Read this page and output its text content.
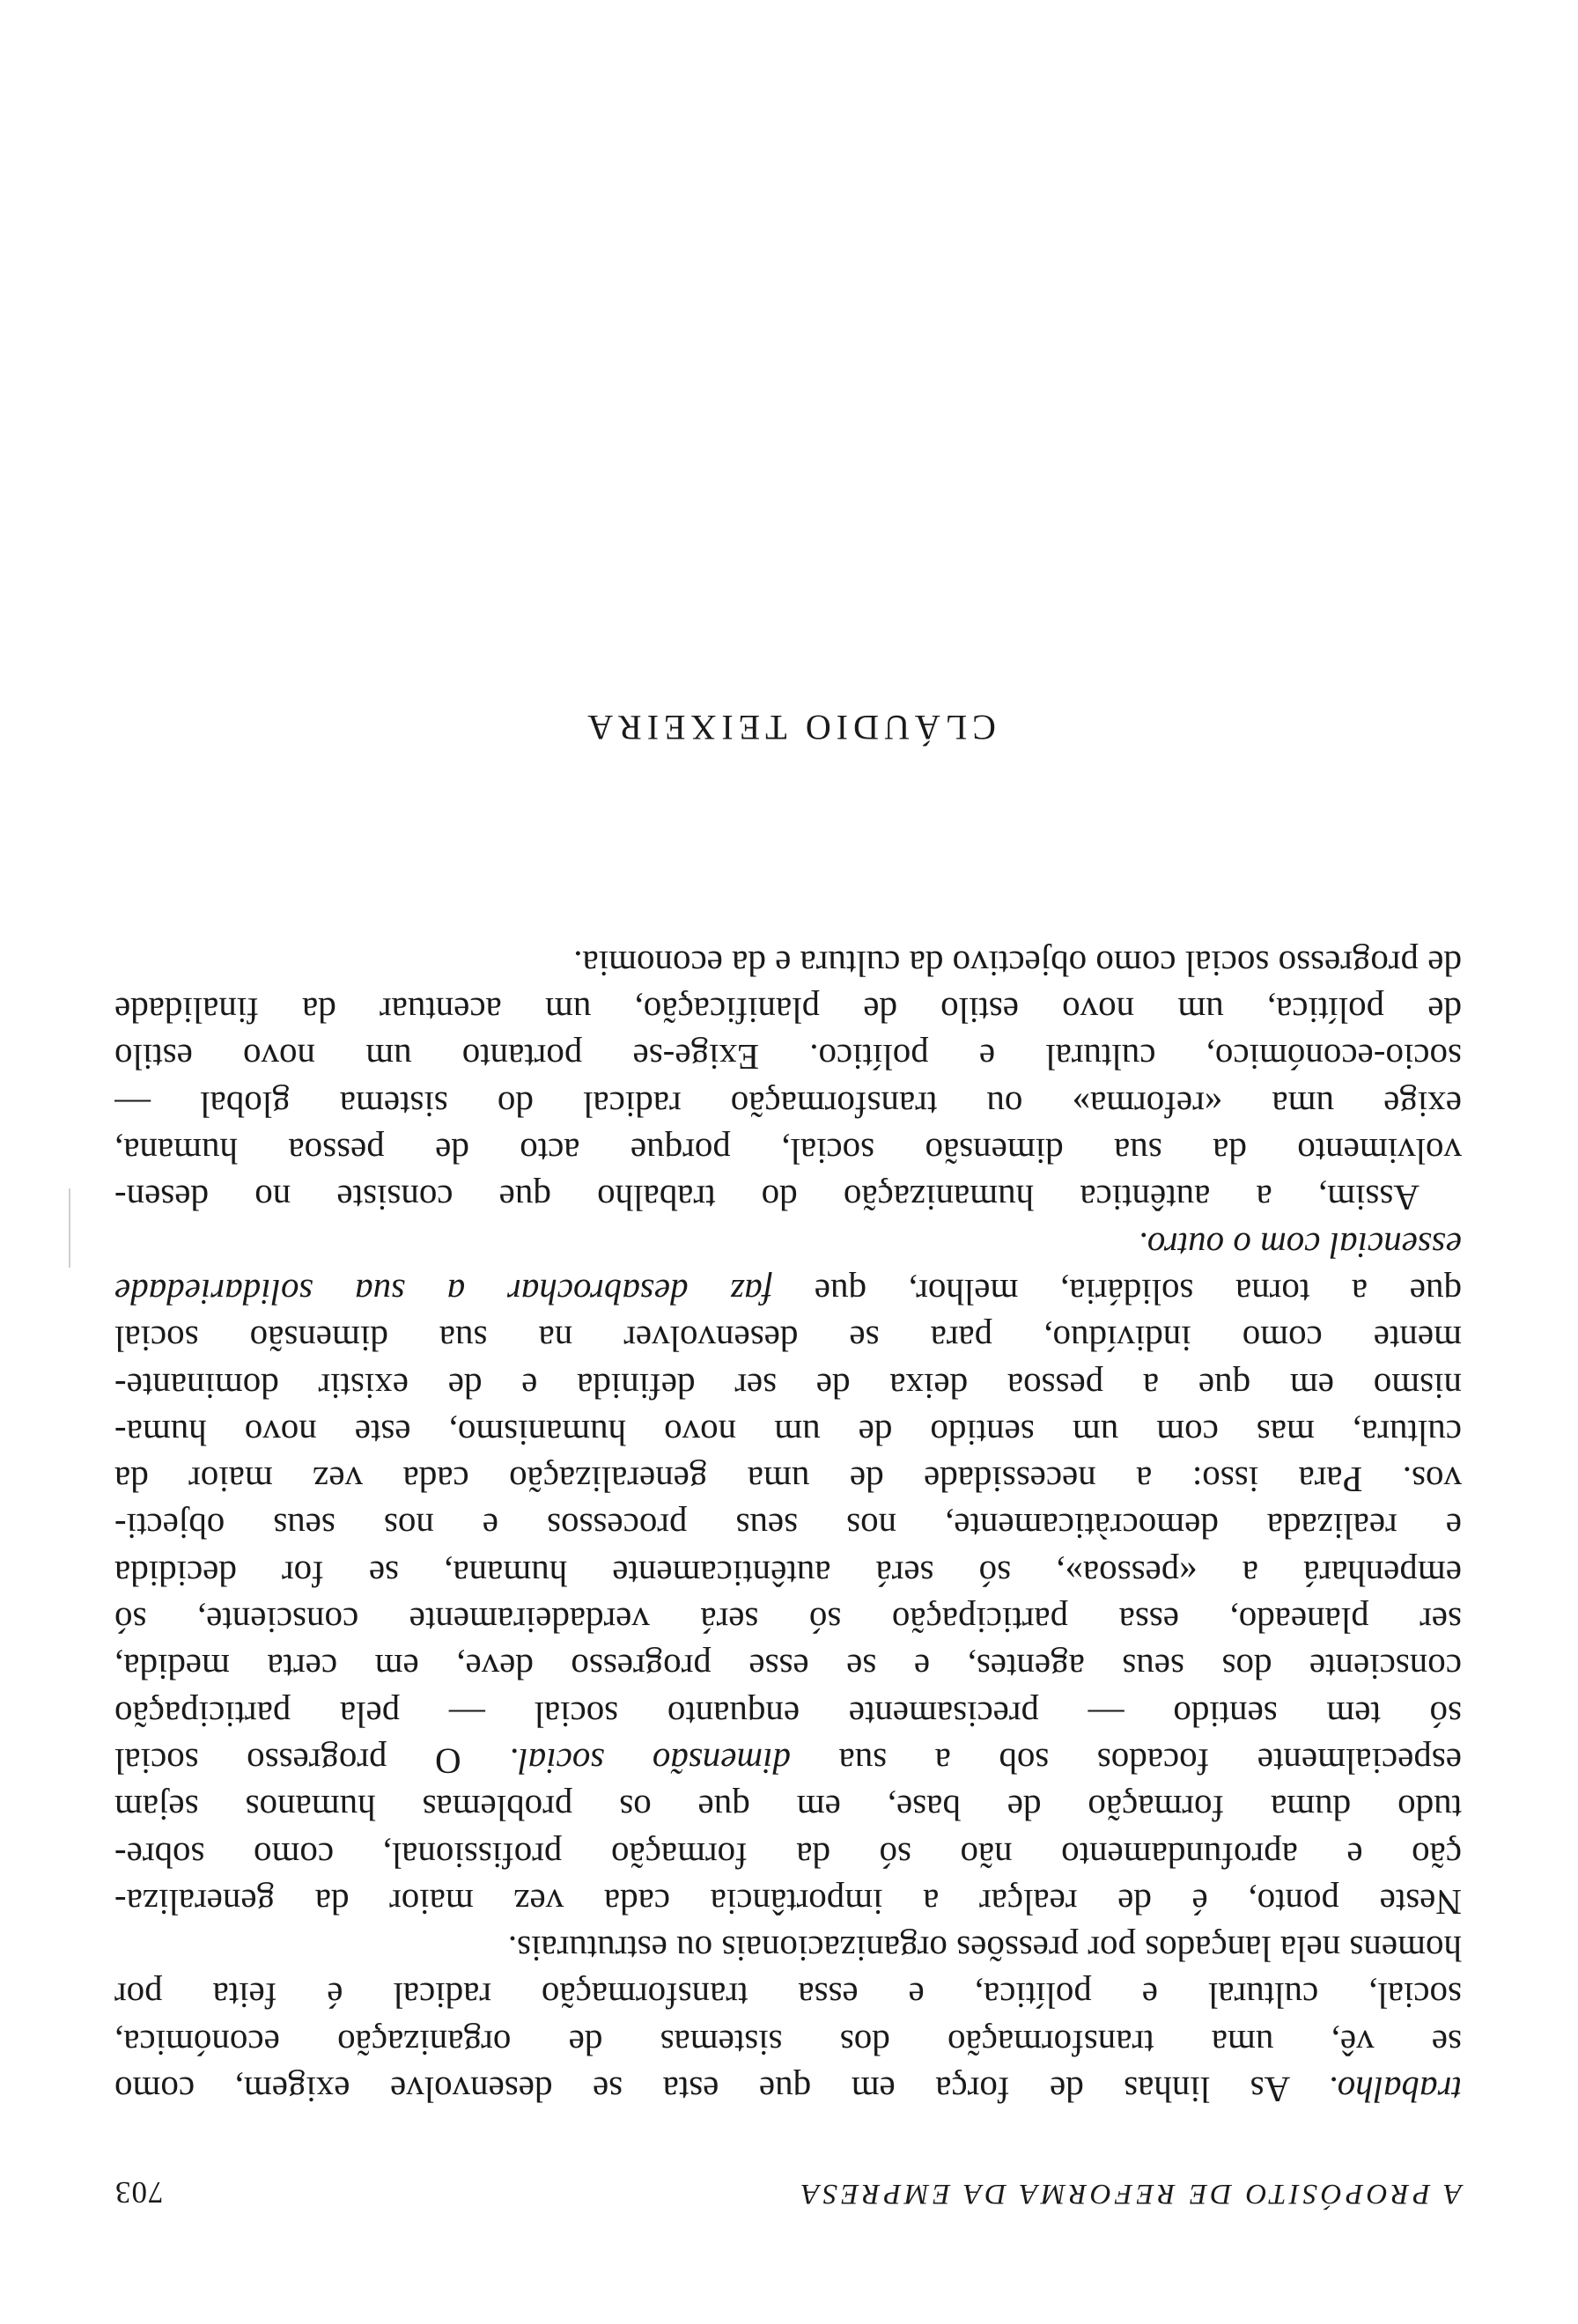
A PROPÓSITO DE REFORMA DA EMPRESA
703
trabalho. As linhas de força em que esta se desenvolve exigem, como
se vê, uma transformação dos sistemas de organização económica,
social, cultural e política, e essa transformação radical é feita por
homens nela lançados por pressões organizacionais ou estruturais.
Neste ponto, é de realçar a importância cada vez maior da generaliza-
ção e aprofundamento não só da formação profissional, como sobre-
tudo duma formação de base, em que os problemas humanos sejam
especialmente focados sob a sua dimensão social. O progresso social
só tem sentido — precisamente enquanto social — pela participação
consciente dos seus agentes, e se esse progresso deve, em certa medida,
ser planeado, essa participação só será verdadeiramente consciente, só
empenhará a «pessoa», só será autênticamente humana, se for decidida
e realizada democràticamente, nos seus processos e nos seus objecti-
vos. Para isso: a necessidade de uma generalização cada vez maior da
cultura, mas com um sentido de um novo humanismo, este novo huma-
nismo em que a pessoa deixa de ser definida e de existir dominante-
mente como indivíduo, para se desenvolver na sua dimensão social
que a torna solidária, melhor, que faz desabrochar a sua solidariedade
essencial com o outro.
Assim, a autêntica humanização do trabalho que consiste no desen-
volvimento da sua dimensão social, porque acto de pessoa humana,
exige uma «reforma» ou transformação radical do sistema global —
socio-económico, cultural e político. Exige-se portanto um novo estilo
de política, um novo estilo de planificação, um acentuar da finalidade
de progresso social como objectivo da cultura e da economia.
CLÁUDIO TEIXEIRA
